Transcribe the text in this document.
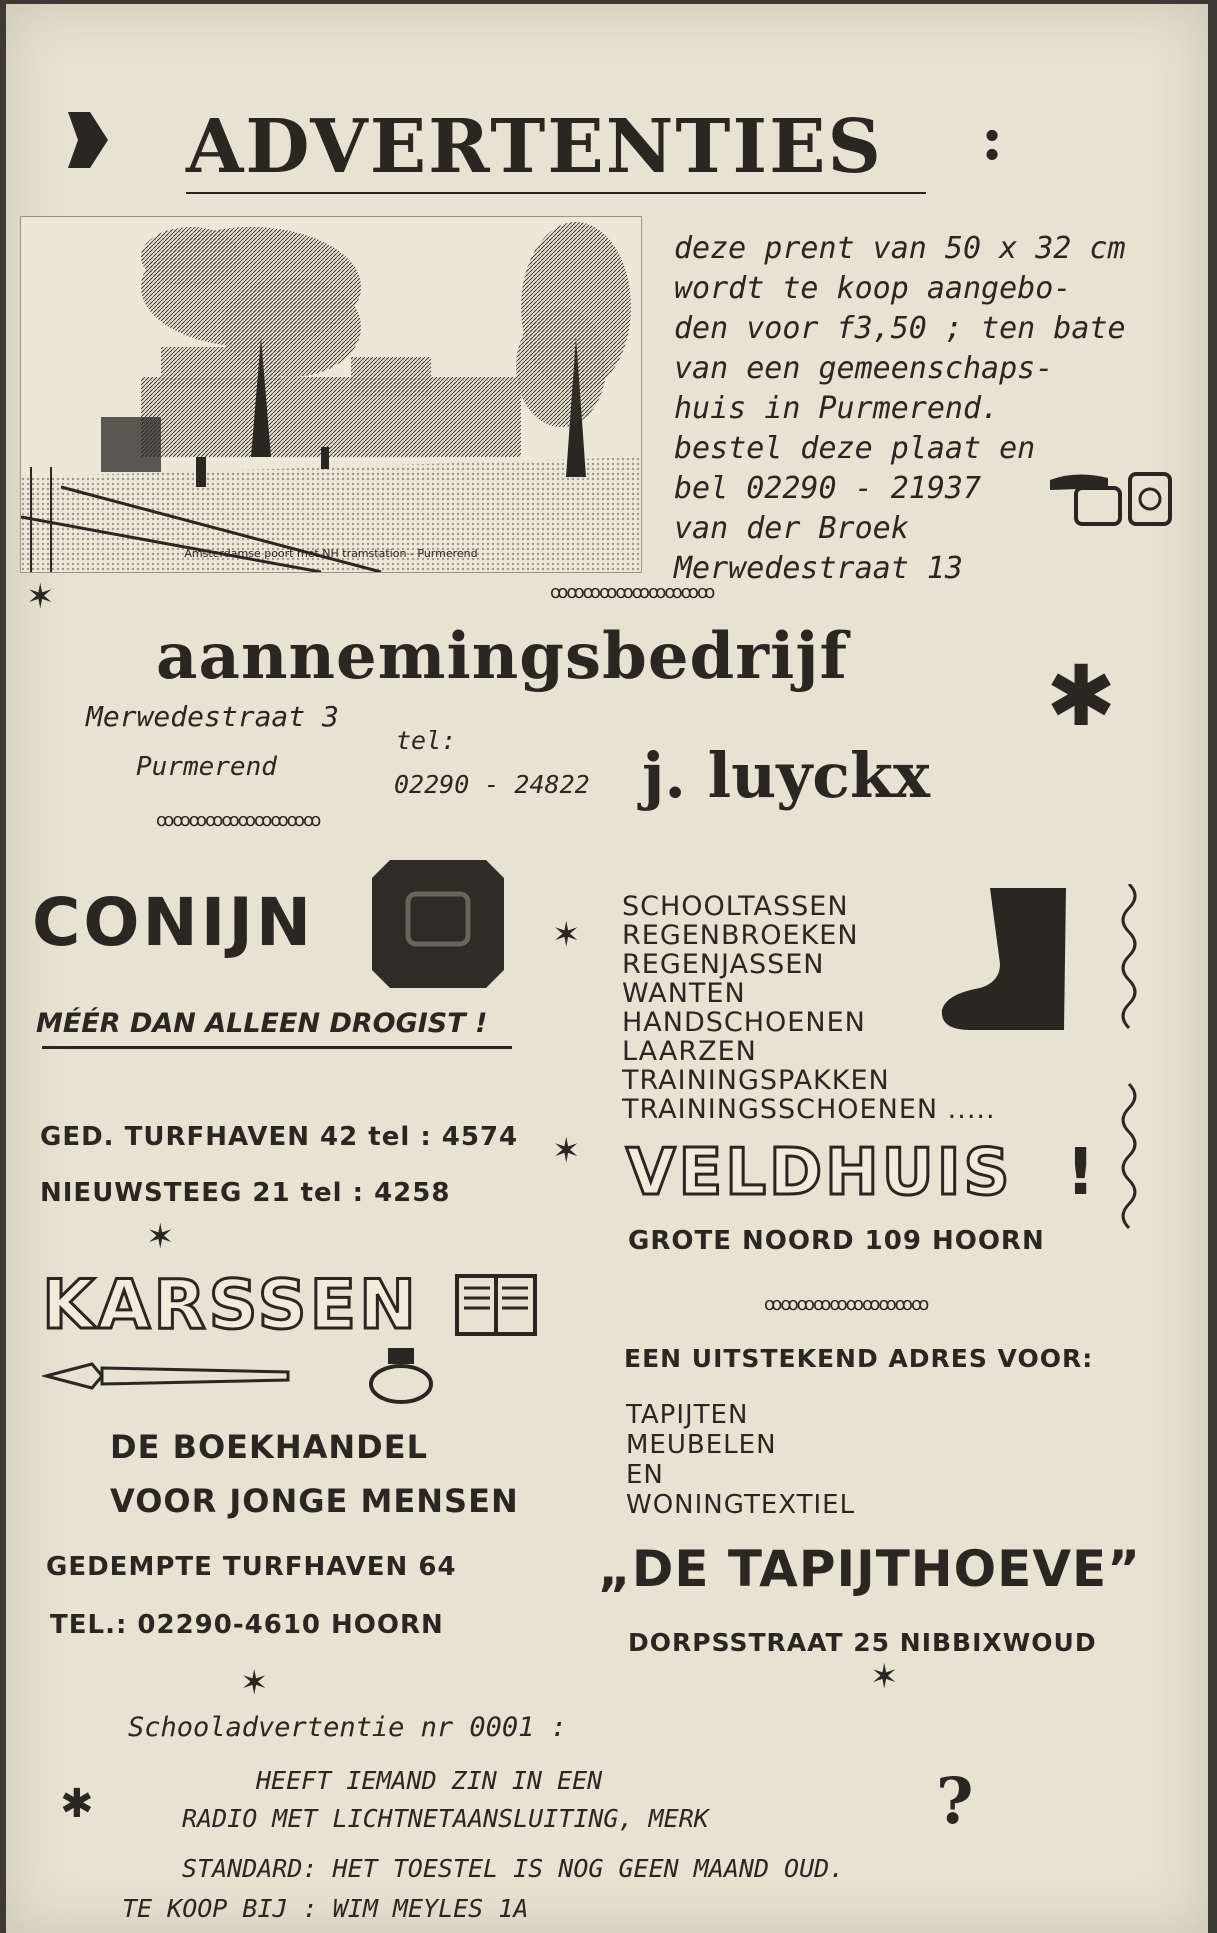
ADVERTENTIES :
Amsterdamse poort met NH tramstation - Purmerend
deze prent van 50 x 32 cm
wordt te koop aangebo-
den voor f3,50 ; ten bate
van een gemeenschaps-
huis in Purmerend.
bestel deze plaat en
bel 02290 - 21937
van der Broek
Merwedestraat 13
✶	ꝏꝏꝏꝏꝏꝏꝏꝏꝏꝏ
aannemingsbedrijf ✱
Merwedestraat 3
Purmerend
tel:
02290 - 24822 j. luyckx
ꝏꝏꝏꝏꝏꝏꝏꝏꝏꝏ
CONIJN
MÉÉR DAN ALLEEN DROGIST !
GED. TURFHAVEN 42 tel : 4574
NIEUWSTEEG 21 tel : 4258
✶
✶
✶
SCHOOLTASSEN
REGENBROEKEN
REGENJASSEN
WANTEN
HANDSCHOENEN
LAARZEN
TRAININGSPAKKEN
TRAININGSSCHOENEN .....
VELDHUIS !
GROTE NOORD 109 HOORN
KARSSEN
DE BOEKHANDEL
VOOR JONGE MENSEN
GEDEMPTE TURFHAVEN 64
TEL.: 02290-4610 HOORN
ꝏꝏꝏꝏꝏꝏꝏꝏꝏꝏ
EEN UITSTEKEND ADRES VOOR:
TAPIJTEN
MEUBELEN
EN
WONINGTEXTIEL
„DE TAPIJTHOEVE”
DORPSSTRAAT 25 NIBBIXWOUD
✶	✶
Schooladvertentie nr 0001 :
✱
HEEFT IEMAND ZIN IN EEN
RADIO MET LICHTNETAANSLUITING, MERK
STANDARD: HET TOESTEL IS NOG GEEN MAAND OUD.
TE KOOP BIJ : WIM MEYLES 1A
?
